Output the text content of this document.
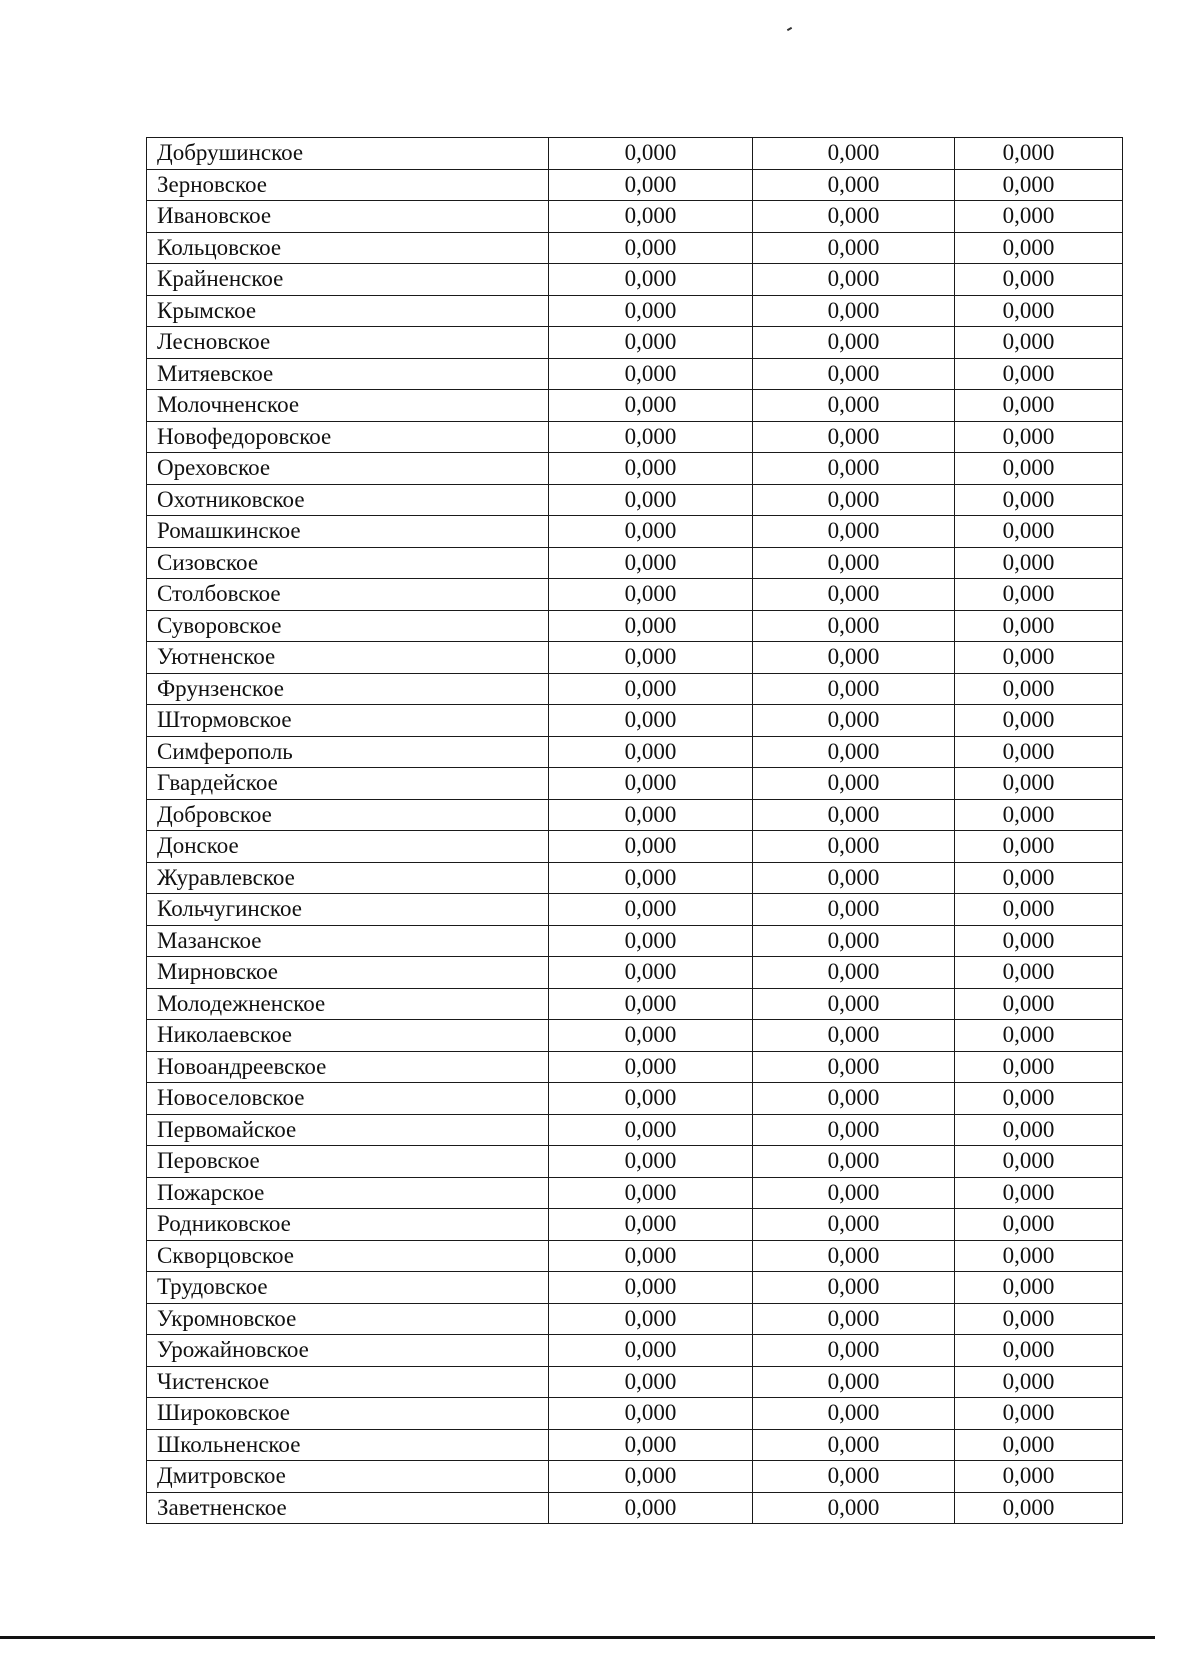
Добрушинское	0,000	0,000	0,000
Зерновское	0,000	0,000	0,000
Ивановское	0,000	0,000	0,000
Кольцовское	0,000	0,000	0,000
Крайненское	0,000	0,000	0,000
Крымское	0,000	0,000	0,000
Лесновское	0,000	0,000	0,000
Митяевское	0,000	0,000	0,000
Молочненское	0,000	0,000	0,000
Новофедоровское	0,000	0,000	0,000
Ореховское	0,000	0,000	0,000
Охотниковское	0,000	0,000	0,000
Ромашкинское	0,000	0,000	0,000
Сизовское	0,000	0,000	0,000
Столбовское	0,000	0,000	0,000
Суворовское	0,000	0,000	0,000
Уютненское	0,000	0,000	0,000
Фрунзенское	0,000	0,000	0,000
Штормовское	0,000	0,000	0,000
Симферополь	0,000	0,000	0,000
Гвардейское	0,000	0,000	0,000
Добровское	0,000	0,000	0,000
Донское	0,000	0,000	0,000
Журавлевское	0,000	0,000	0,000
Кольчугинское	0,000	0,000	0,000
Мазанское	0,000	0,000	0,000
Мирновское	0,000	0,000	0,000
Молодежненское	0,000	0,000	0,000
Николаевское	0,000	0,000	0,000
Новоандреевское	0,000	0,000	0,000
Новоселовское	0,000	0,000	0,000
Первомайское	0,000	0,000	0,000
Перовское	0,000	0,000	0,000
Пожарское	0,000	0,000	0,000
Родниковское	0,000	0,000	0,000
Скворцовское	0,000	0,000	0,000
Трудовское	0,000	0,000	0,000
Укромновское	0,000	0,000	0,000
Урожайновское	0,000	0,000	0,000
Чистенское	0,000	0,000	0,000
Широковское	0,000	0,000	0,000
Школьненское	0,000	0,000	0,000
Дмитровское	0,000	0,000	0,000
Заветненское	0,000	0,000	0,000
